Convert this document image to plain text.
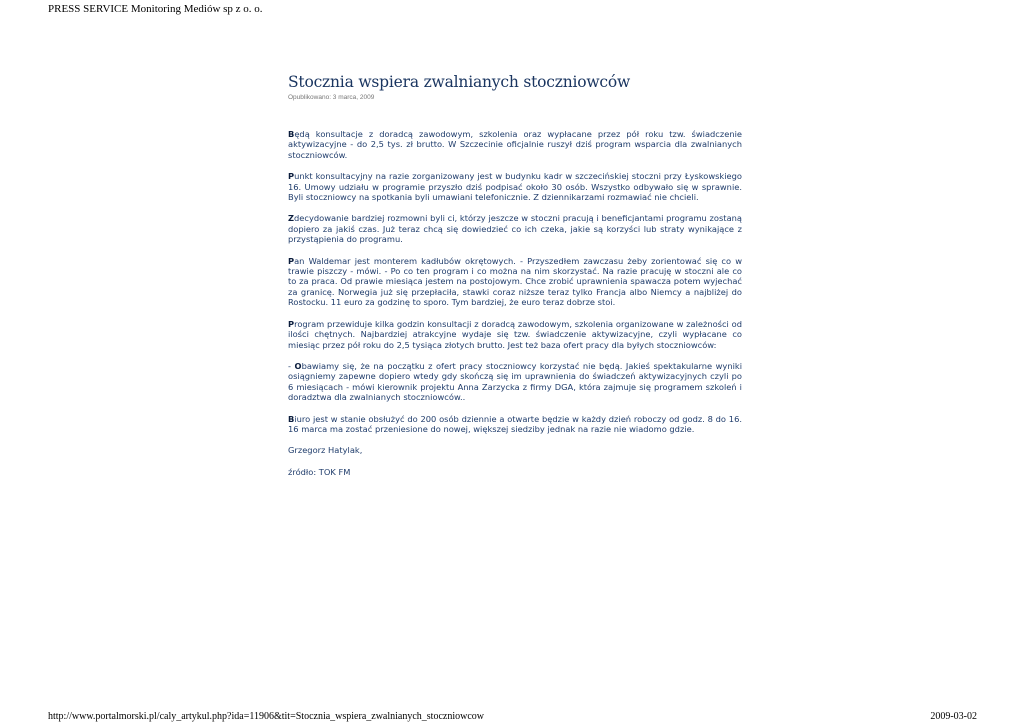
PRESS SERVICE Monitoring Mediów sp z o. o.
Stocznia wspiera zwalnianych stoczniowców
Opublikowano: 3 marca, 2009

Będą konsultacje z doradcą zawodowym, szkolenia oraz wypłacane przez pół roku tzw. świadczenie aktywizacyjne - do 2,5 tys. zł brutto. W Szczecinie oficjalnie ruszył dziś program wsparcia dla zwalnianych stoczniowców.

Punkt konsultacyjny na razie zorganizowany jest w budynku kadr w szczecińskiej stoczni przy Łyskowskiego 16. Umowy udziału w programie przyszło dziś podpisać około 30 osób. Wszystko odbywało się w sprawnie. Byli stoczniowcy na spotkania byli umawiani telefonicznie. Z dziennikarzami rozmawiać nie chcieli.

Zdecydowanie bardziej rozmowni byli ci, którzy jeszcze w stoczni pracują i beneficjantami programu zostaną dopiero za jakiś czas. Już teraz chcą się dowiedzieć co ich czeka, jakie są korzyści lub straty wynikające z przystąpienia do programu.

Pan Waldemar jest monterem kadłubów okrętowych. - Przyszedłem zawczasu żeby zorientować się co w trawie piszczy - mówi. - Po co ten program i co można na nim skorzystać. Na razie pracuję w stoczni ale co to za praca. Od prawie miesiąca jestem na postojowym. Chce zrobić uprawnienia spawacza potem wyjechać za granicę. Norwegia już się przepłaciła, stawki coraz niższe teraz tylko Francja albo Niemcy a najbliżej do Rostocku. 11 euro za godzinę to sporo. Tym bardziej, że euro teraz dobrze stoi.

Program przewiduje kilka godzin konsultacji z doradcą zawodowym, szkolenia organizowane w zależności od ilości chętnych. Najbardziej atrakcyjne wydaje się tzw. świadczenie aktywizacyjne, czyli wypłacane co miesiąc przez pół roku do 2,5 tysiąca złotych brutto. Jest też baza ofert pracy dla byłych stoczniowców:

- Obawiamy się, że na początku z ofert pracy stoczniowcy korzystać nie będą. Jakieś spektakularne wyniki osiągniemy zapewne dopiero wtedy gdy skończą się im uprawnienia do świadczeń aktywizacyjnych czyli po 6 miesiącach - mówi kierownik projektu Anna Zarzycka z firmy DGA, która zajmuje się programem szkoleń i doradztwa dla zwalnianych stoczniowców..

Biuro jest w stanie obsłużyć do 200 osób dziennie a otwarte będzie w każdy dzień roboczy od godz. 8 do 16. 16 marca ma zostać przeniesione do nowej, większej siedziby jednak na razie nie wiadomo gdzie.

Grzegorz Hatylak,

źródło: TOK FM

http://www.portalmorski.pl/caly_artykul.php?ida=11906&tit=Stocznia_wspiera_zwalnianych_stoczniowcow	2009-03-02
